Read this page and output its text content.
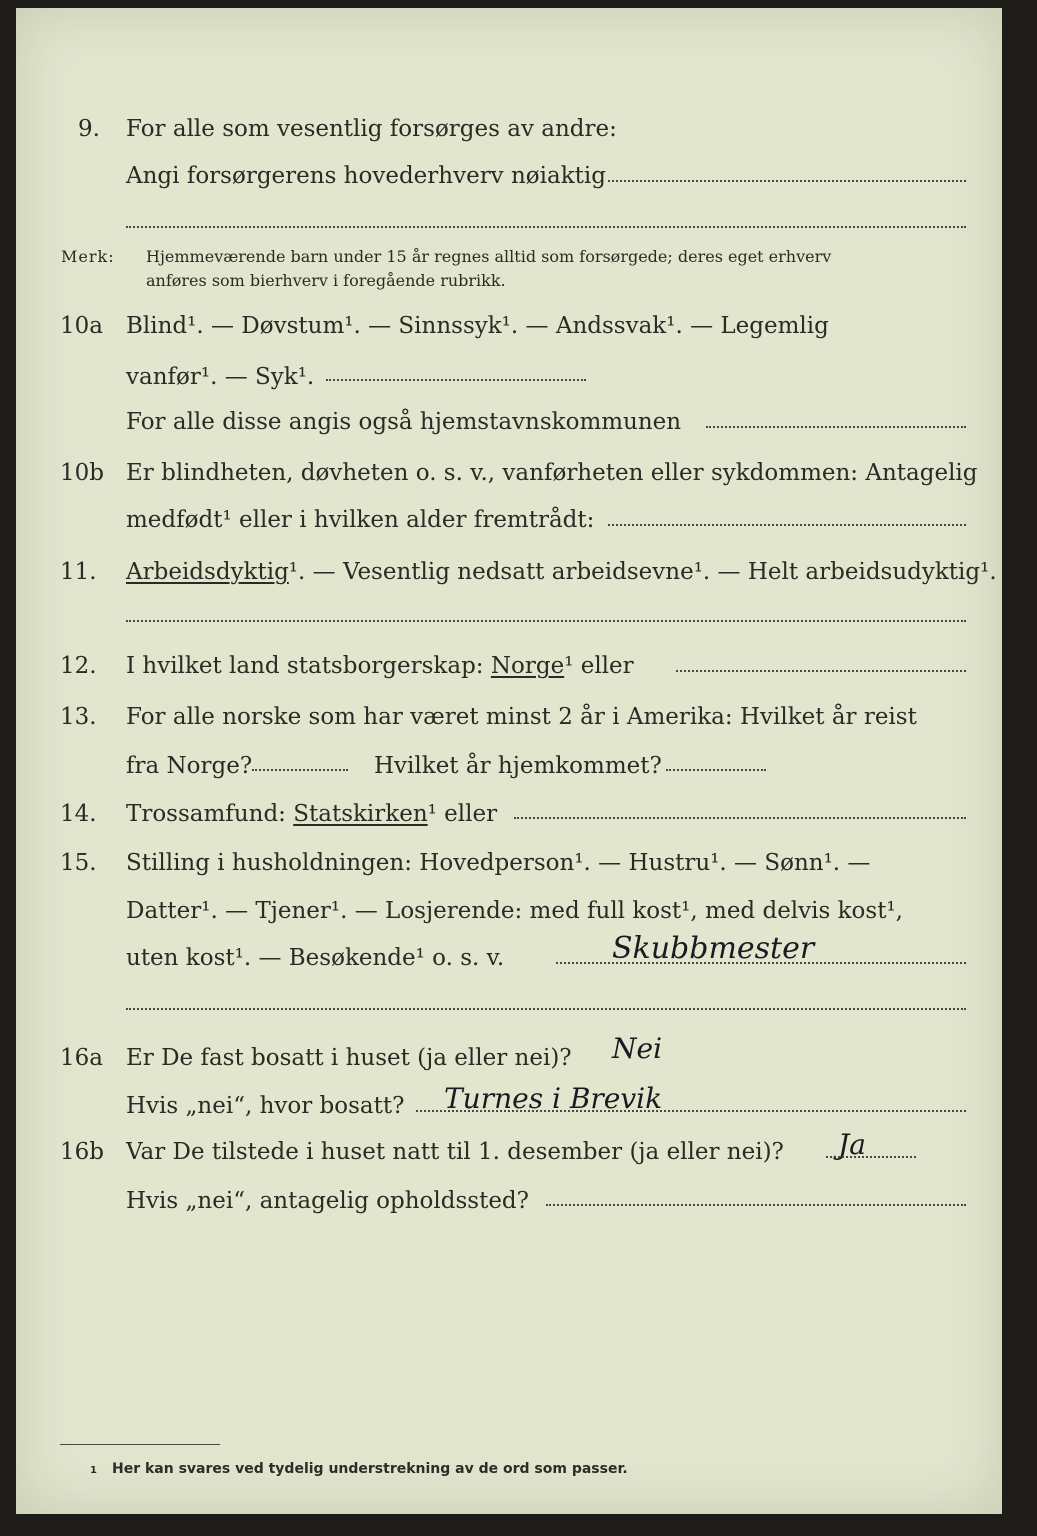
9. For alle som vesentlig forsørges av andre:
Angi forsørgerens hovederhverv nøiaktig
Merk: Hjemmeværende barn under 15 år regnes alltid som forsørgede; deres eget erhverv
anføres som bierhverv i foregående rubrikk.
10a Blind¹. — Døvstum¹. — Sinnssyk¹. — Andssvak¹. — Legemlig
vanfør¹. — Syk¹.
For alle disse angis også hjemstavnskommunen
10b Er blindheten, døvheten o. s. v., vanførheten eller sykdommen: Antagelig
medfødt¹ eller i hvilken alder fremtrådt:
11. Arbeidsdyktig¹. — Vesentlig nedsatt arbeidsevne¹. — Helt arbeidsudyktig¹.
12. I hvilket land statsborgerskap: Norge¹ eller
13. For alle norske som har været minst 2 år i Amerika: Hvilket år reist
fra Norge?	Hvilket år hjemkommet?
14. Trossamfund: Statskirken¹ eller
15. Stilling i husholdningen: Hovedperson¹. — Hustru¹. — Sønn¹. —
Datter¹. — Tjener¹. — Losjerende: med full kost¹, med delvis kost¹,
uten kost¹. — Besøkende¹ o. s. v.	Skubbmester
16a Er De fast bosatt i huset (ja eller nei)? Nei
Hvis „nei“, hvor bosatt? Turnes i Brevik
16b Var De tilstede i huset natt til 1. desember (ja eller nei)? Ja
Hvis „nei“, antagelig opholdssted?
1 Her kan svares ved tydelig understrekning av de ord som passer.
